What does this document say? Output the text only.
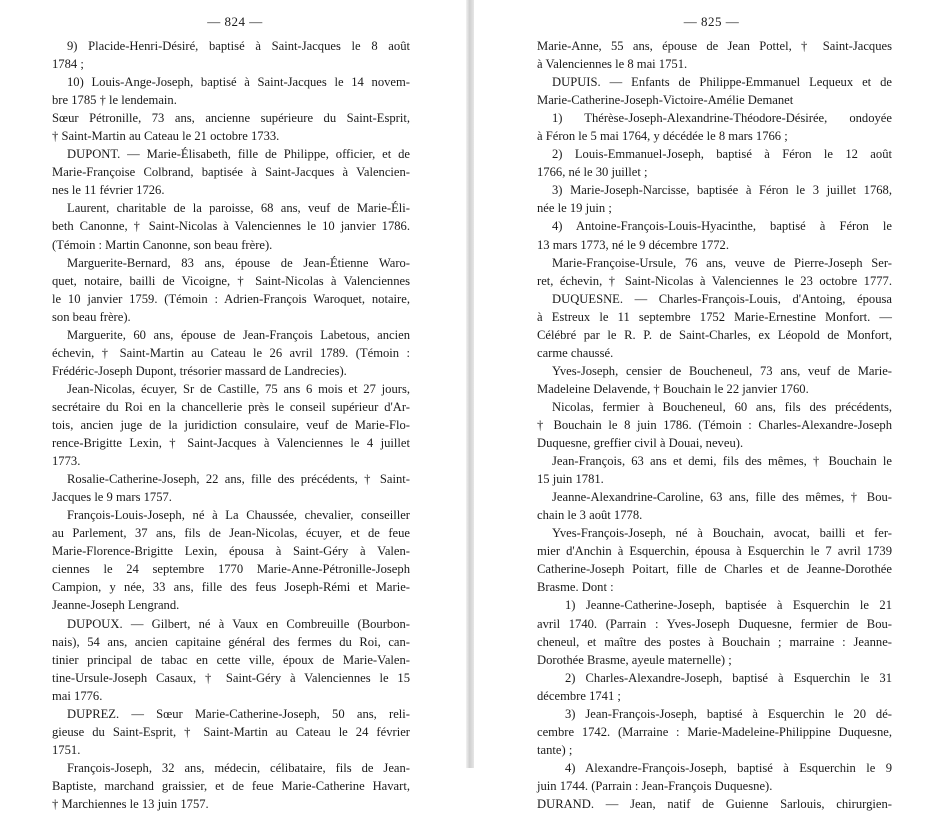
— 824 —
9) Placide-Henri-Désiré, baptisé à Saint-Jacques le 8 août
1784 ;
10) Louis-Ange-Joseph, baptisé à Saint-Jacques le 14 novem-
bre 1785 † le lendemain.
Sœur Pétronille, 73 ans, ancienne supérieure du Saint-Esprit,
† Saint-Martin au Cateau le 21 octobre 1733.
DUPONT. — Marie-Élisabeth, fille de Philippe, officier, et de
Marie-Françoise Colbrand, baptisée à Saint-Jacques à Valencien-
nes le 11 février 1726.
Laurent, charitable de la paroisse, 68 ans, veuf de Marie-Éli-
beth Canonne, † Saint-Nicolas à Valenciennes le 10 janvier 1786.
(Témoin : Martin Canonne, son beau frère).
Marguerite-Bernard, 83 ans, épouse de Jean-Étienne Waro-
quet, notaire, bailli de Vicoigne, † Saint-Nicolas à Valenciennes
le 10 janvier 1759. (Témoin : Adrien-François Waroquet, notaire,
son beau frère).
Marguerite, 60 ans, épouse de Jean-François Labetous, ancien
échevin, † Saint-Martin au Cateau le 26 avril 1789. (Témoin :
Frédéric-Joseph Dupont, trésorier massard de Landrecies).
Jean-Nicolas, écuyer, Sr de Castille, 75 ans 6 mois et 27 jours,
secrétaire du Roi en la chancellerie près le conseil supérieur d'Ar-
tois, ancien juge de la juridiction consulaire, veuf de Marie-Flo-
rence-Brigitte Lexin, † Saint-Jacques à Valenciennes le 4 juillet
1773.
Rosalie-Catherine-Joseph, 22 ans, fille des précédents, † Saint-
Jacques le 9 mars 1757.
François-Louis-Joseph, né à La Chaussée, chevalier, conseiller
au Parlement, 37 ans, fils de Jean-Nicolas, écuyer, et de feue
Marie-Florence-Brigitte Lexin, épousa à Saint-Géry à Valen-
ciennes le 24 septembre 1770 Marie-Anne-Pétronille-Joseph
Campion, y née, 33 ans, fille des feus Joseph-Rémi et Marie-
Jeanne-Joseph Lengrand.
DUPOUX. — Gilbert, né à Vaux en Combreuille (Bourbon-
nais), 54 ans, ancien capitaine général des fermes du Roi, can-
tinier principal de tabac en cette ville, époux de Marie-Valen-
tine-Ursule-Joseph Casaux, † Saint-Géry à Valenciennes le 15
mai 1776.
DUPREZ. — Sœur Marie-Catherine-Joseph, 50 ans, reli-
gieuse du Saint-Esprit, † Saint-Martin au Cateau le 24 février
1751.
François-Joseph, 32 ans, médecin, célibataire, fils de Jean-
Baptiste, marchand graissier, et de feue Marie-Catherine Havart,
† Marchiennes le 13 juin 1757.
— 825 —
Marie-Anne, 55 ans, épouse de Jean Pottel, † Saint-Jacques
à Valenciennes le 8 mai 1751.
DUPUIS. — Enfants de Philippe-Emmanuel Lequeux et de
Marie-Catherine-Joseph-Victoire-Amélie Demanet
1) Thérèse-Joseph-Alexandrine-Théodore-Désirée, ondoyée
à Féron le 5 mai 1764, y décédée le 8 mars 1766 ;
2) Louis-Emmanuel-Joseph, baptisé à Féron le 12 août
1766, né le 30 juillet ;
3) Marie-Joseph-Narcisse, baptisée à Féron le 3 juillet 1768,
née le 19 juin ;
4) Antoine-François-Louis-Hyacinthe, baptisé à Féron le
13 mars 1773, né le 9 décembre 1772.
Marie-Françoise-Ursule, 76 ans, veuve de Pierre-Joseph Ser-
ret, échevin, † Saint-Nicolas à Valenciennes le 23 octobre 1777.
DUQUESNE. — Charles-François-Louis, d'Antoing, épousa
à Estreux le 11 septembre 1752 Marie-Ernestine Monfort. —
Célébré par le R. P. de Saint-Charles, ex Léopold de Monfort,
carme chaussé.
Yves-Joseph, censier de Boucheneul, 73 ans, veuf de Marie-
Madeleine Delavende, † Bouchain le 22 janvier 1760.
Nicolas, fermier à Boucheneul, 60 ans, fils des précédents,
† Bouchain le 8 juin 1786. (Témoin : Charles-Alexandre-Joseph
Duquesne, greffier civil à Douai, neveu).
Jean-François, 63 ans et demi, fils des mêmes, † Bouchain le
15 juin 1781.
Jeanne-Alexandrine-Caroline, 63 ans, fille des mêmes, † Bou-
chain le 3 août 1778.
Yves-François-Joseph, né à Bouchain, avocat, bailli et fer-
mier d'Anchin à Esquerchin, épousa à Esquerchin le 7 avril 1739
Catherine-Joseph Poitart, fille de Charles et de Jeanne-Dorothée
Brasme. Dont :
1) Jeanne-Catherine-Joseph, baptisée à Esquerchin le 21
avril 1740. (Parrain : Yves-Joseph Duquesne, fermier de Bou-
cheneul, et maître des postes à Bouchain ; marraine : Jeanne-
Dorothée Brasme, ayeule maternelle) ;
2) Charles-Alexandre-Joseph, baptisé à Esquerchin le 31
décembre 1741 ;
3) Jean-François-Joseph, baptisé à Esquerchin le 20 dé-
cembre 1742. (Marraine : Marie-Madeleine-Philippine Duquesne,
tante) ;
4) Alexandre-François-Joseph, baptisé à Esquerchin le 9
juin 1744. (Parrain : Jean-François Duquesne).
DURAND. — Jean, natif de Guienne Sarlouis, chirurgien-
